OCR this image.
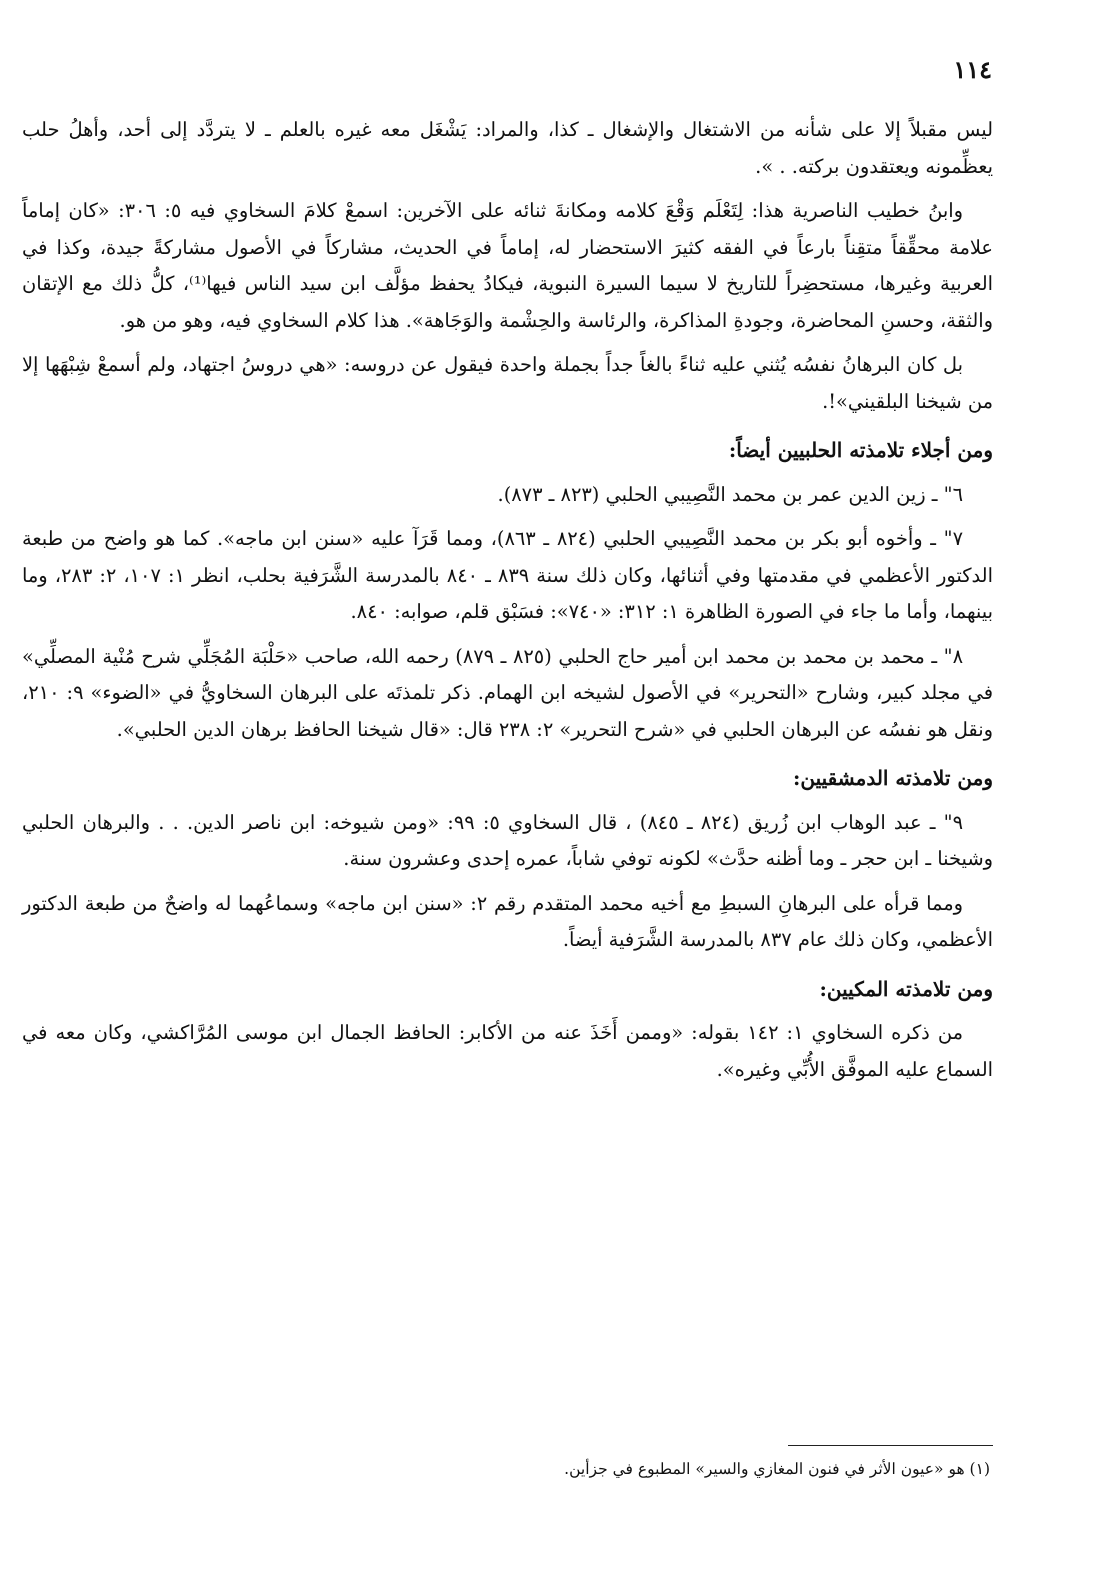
١١٤

ليس مقبلاً إلا على شأنه من الاشتغال والإشغال ـ كذا، والمراد: يَشْغَل معه غيره بالعلم ـ لا يتردَّد إلى أحد، وأهلُ حلب يعظِّمونه ويعتقدون بركته. . ».

وابنُ خطيب الناصرية هذا: لِتَعْلَم وَقْعَ كلامه ومكانةَ ثنائه على الآخرين: اسمعْ كلامَ السخاوي فيه ٥: ٣٠٦: «كان إماماً علامة محقِّقاً متقِناً بارعاً في الفقه كثيرَ الاستحضار له، إماماً في الحديث، مشاركاً في الأصول مشاركةً جيدة، وكذا في العربية وغيرها، مستحضِراً للتاريخ لا سيما السيرة النبوية، فيكادُ يحفظ مؤلَّف ابن سيد الناس فيها⁽¹⁾، كلُّ ذلك مع الإتقان والثقة، وحسنِ المحاضرة، وجودةِ المذاكرة، والرئاسة والحِشْمة والوَجَاهة». هذا كلام السخاوي فيه، وهو من هو.

بل كان البرهانُ نفسُه يُثني عليه ثناءً بالغاً جداً بجملة واحدة فيقول عن دروسه: «هي دروسُ اجتهاد، ولم أسمعْ شِبْهَها إلا من شيخنا البلقيني»!.

ومن أجلاء تلامذته الحلبيين أيضاً:

٦" ـ زين الدين عمر بن محمد النَّصِيبي الحلبي (٨٢٣ ـ ٨٧٣).

٧" ـ وأخوه أبو بكر بن محمد النَّصِيبي الحلبي (٨٢٤ ـ ٨٦٣)، ومما قَرَآ عليه «سنن ابن ماجه». كما هو واضح من طبعة الدكتور الأعظمي في مقدمتها وفي أثنائها، وكان ذلك سنة ٨٣٩ ـ ٨٤٠ بالمدرسة الشَّرَفية بحلب، انظر ١: ١٠٧، ٢: ٢٨٣، وما بينهما، وأما ما جاء في الصورة الظاهرة ١: ٣١٢: «٧٤٠»: فسَبْق قلم، صوابه: ٨٤٠.

٨" ـ محمد بن محمد بن محمد ابن أمير حاج الحلبي (٨٢٥ ـ ٨٧٩) رحمه الله، صاحب «حَلْبَة المُجَلِّي شرح مُنْية المصلِّي» في مجلد كبير، وشارح «التحرير» في الأصول لشيخه ابن الهمام. ذكر تلمذتَه على البرهان السخاويُّ في «الضوء» ٩: ٢١٠، ونقل هو نفسُه عن البرهان الحلبي في «شرح التحرير» ٢: ٢٣٨ قال: «قال شيخنا الحافظ برهان الدين الحلبي».

ومن تلامذته الدمشقيين:

٩" ـ عبد الوهاب ابن زُريق (٨٢٤ ـ ٨٤٥) ، قال السخاوي ٥: ٩٩: «ومن شيوخه: ابن ناصر الدين. . . والبرهان الحلبي وشيخنا ـ ابن حجر ـ وما أظنه حدَّث» لكونه توفي شاباً، عمره إحدى وعشرون سنة.

ومما قرأه على البرهانِ السبطِ مع أخيه محمد المتقدم رقم ٢: «سنن ابن ماجه» وسماعُهما له واضحٌ من طبعة الدكتور الأعظمي، وكان ذلك عام ٨٣٧ بالمدرسة الشَّرَفية أيضاً.

ومن تلامذته المكيين:

من ذكره السخاوي ١: ١٤٢ بقوله: «وممن أَخَذَ عنه من الأكابر: الحافظ الجمال ابن موسى المُرَّاكشي، وكان معه في السماع عليه الموفَّق الأُبِّي وغيره».

(١) هو «عيون الأثر في فنون المغازي والسير» المطبوع في جزأين.
